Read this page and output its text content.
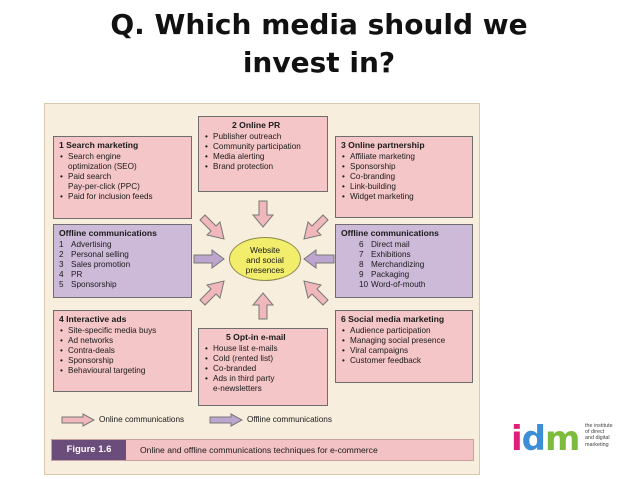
Q. Which media should we
invest in?
1 Search marketing
• Search engine
optimization (SEO)
• Paid search
Pay-per-click (PPC)
• Paid for inclusion feeds
2 Online PR
• Publisher outreach
• Community participation
• Media alerting
• Brand protection
3 Online partnership
• Affiliate marketing
• Sponsorship
• Co-branding
• Link-building
• Widget marketing
Offline communications
1 Advertising
2 Personal selling
3 Sales promotion
4 PR
5 Sponsorship
Offline communications
6 Direct mail
7 Exhibitions
8 Merchandizing
9 Packaging
10 Word-of-mouth
4 Interactive ads
• Site-specific media buys
• Ad networks
• Contra-deals
• Sponsorship
• Behavioural targeting
5 Opt-in e-mail
• House list e-mails
• Cold (rented list)
• Co-branded
• Ads in third party
e-newsletters
6 Social media marketing
• Audience participation
• Managing social presence
• Viral campaigns
• Customer feedback
Website
and social
presences
Online communications	Offline communications
Figure 1.6	Online and offline communications techniques for e-commerce	idm the institute
of direct
and digital
marketing
